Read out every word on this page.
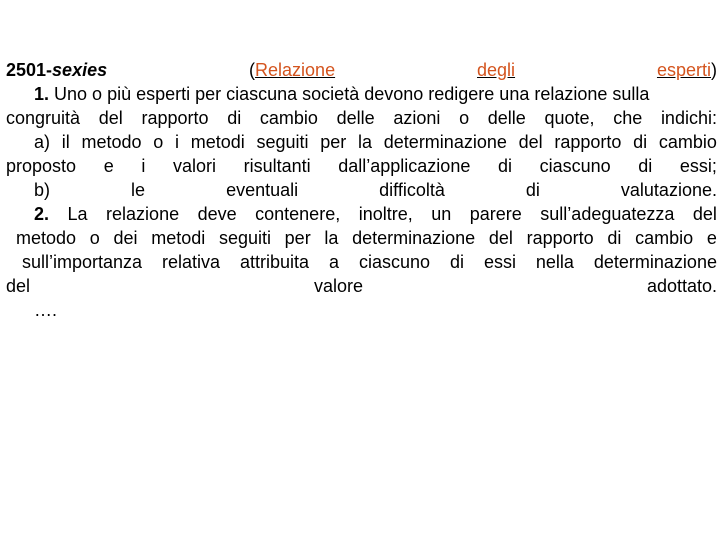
2501-sexies	(Relazione	degli	esperti)
1.
Uno o più esperti per ciascuna società devono redigere una relazione sulla
congruità del rapporto di cambio delle azioni o delle quote, che indichi:
a) il metodo o i metodi seguiti per la determinazione del rapporto di cambio
proposto e i valori risultanti dall’applicazione di ciascuno di essi;
b)	le	eventuali	difficoltà	di	valutazione.
2. La relazione deve contenere, inoltre, un parere sull’adeguatezza del
metodo o dei metodi seguiti per la determinazione del rapporto di cambio e
sull’importanza relativa attribuita a ciascuno di essi nella determinazione
del	valore	adottato.
….
